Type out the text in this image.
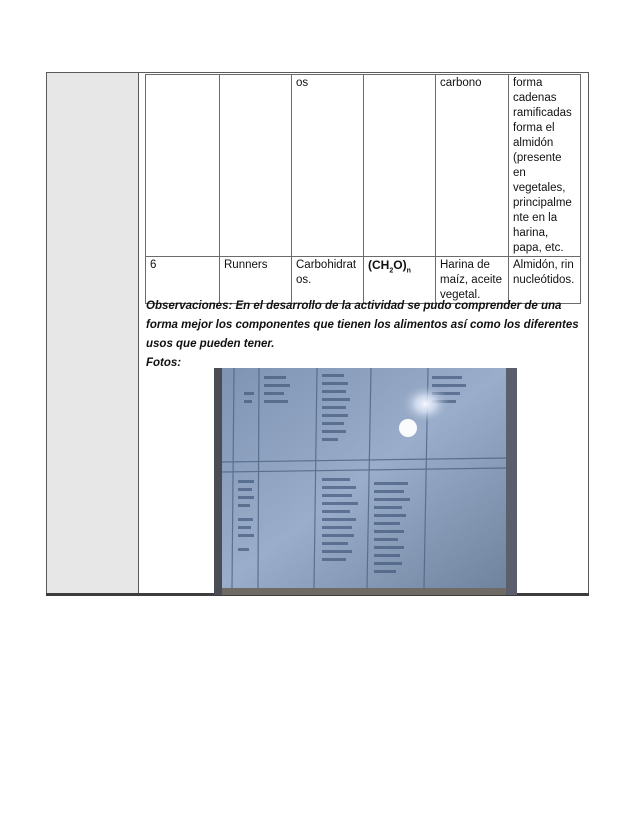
		os		carbono	forma cadenas ramificadas forma el almidón (presente en vegetales, principalme nte en la harina, papa, etc.
6	Runners	Carbohidrat os.	$(CH_2O)_n$	Harina de maíz, aceite vegetal.	Almidón, rin nucleótidos.
Observaciones: En el desarrollo de la actividad se pudo comprender de una forma mejor los componentes que tienen los alimentos así como los diferentes usos que pueden tener.
Fotos:
